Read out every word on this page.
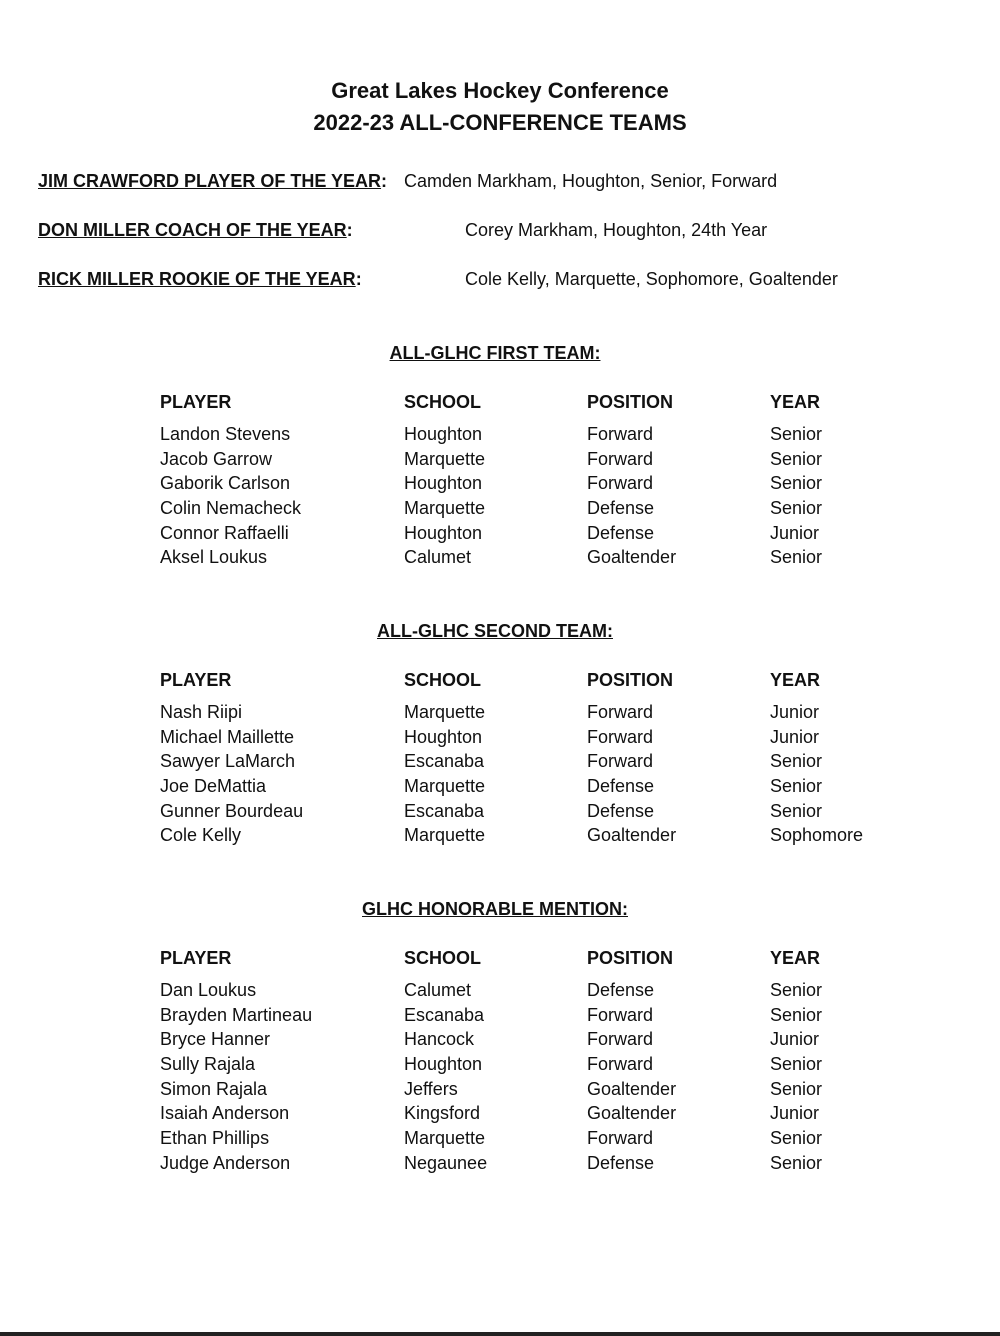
Great Lakes Hockey Conference
2022-23 ALL-CONFERENCE TEAMS
JIM CRAWFORD PLAYER OF THE YEAR: Camden Markham, Houghton, Senior, Forward
DON MILLER COACH OF THE YEAR:	Corey Markham, Houghton, 24th Year
RICK MILLER ROOKIE OF THE YEAR:	Cole Kelly, Marquette, Sophomore, Goaltender
ALL-GLHC FIRST TEAM:
PLAYER	SCHOOL	POSITION	YEAR
Landon Stevens	Houghton	Forward	Senior
Jacob Garrow	Marquette	Forward	Senior
Gaborik Carlson	Houghton	Forward	Senior
Colin Nemacheck	Marquette	Defense	Senior
Connor Raffaelli	Houghton	Defense	Junior
Aksel Loukus	Calumet	Goaltender	Senior
ALL-GLHC SECOND TEAM:
PLAYER	SCHOOL	POSITION	YEAR
Nash Riipi	Marquette	Forward	Junior
Michael Maillette	Houghton	Forward	Junior
Sawyer LaMarch	Escanaba	Forward	Senior
Joe DeMattia	Marquette	Defense	Senior
Gunner Bourdeau	Escanaba	Defense	Senior
Cole Kelly	Marquette	Goaltender	Sophomore
GLHC HONORABLE MENTION:
PLAYER	SCHOOL	POSITION	YEAR
Dan Loukus	Calumet	Defense	Senior
Brayden Martineau	Escanaba	Forward	Senior
Bryce Hanner	Hancock	Forward	Junior
Sully Rajala	Houghton	Forward	Senior
Simon Rajala	Jeffers	Goaltender	Senior
Isaiah Anderson	Kingsford	Goaltender	Junior
Ethan Phillips	Marquette	Forward	Senior
Judge Anderson	Negaunee	Defense	Senior
